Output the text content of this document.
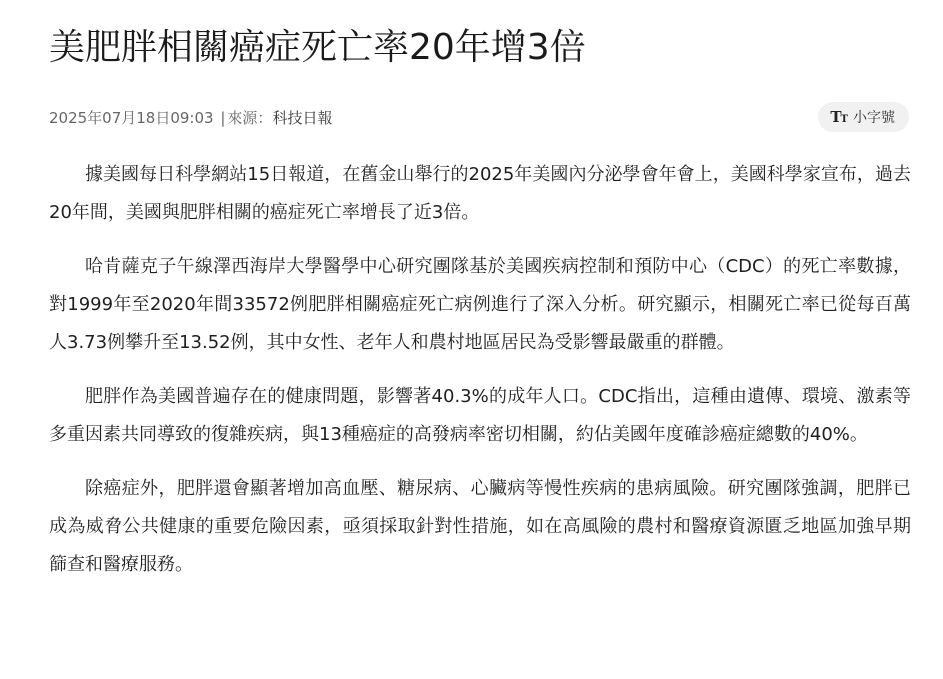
美肥胖相關癌症死亡率20年增3倍
2025年07月18日09:03 | 來源：科技日報	TT 小字號

據美國每日科學網站15日報道，在舊金山舉行的2025年美國內分泌學會年會上，美國科學家宣布，過去20年間，美國與肥胖相關的癌症死亡率增長了近3倍。

哈肯薩克子午線澤西海岸大學醫學中心研究團隊基於美國疾病控制和預防中心（CDC）的死亡率數據，對1999年至2020年間33572例肥胖相關癌症死亡病例進行了深入分析。研究顯示，相關死亡率已從每百萬人3.73例攀升至13.52例，其中女性、老年人和農村地區居民為受影響最嚴重的群體。

肥胖作為美國普遍存在的健康問題，影響著40.3%的成年人口。CDC指出，這種由遺傳、環境、激素等多重因素共同導致的復雜疾病，與13種癌症的高發病率密切相關，約佔美國年度確診癌症總數的40%。

除癌症外，肥胖還會顯著增加高血壓、糖尿病、心臟病等慢性疾病的患病風險。研究團隊強調，肥胖已成為威脅公共健康的重要危險因素，亟須採取針對性措施，如在高風險的農村和醫療資源匱乏地區加強早期篩查和醫療服務。
